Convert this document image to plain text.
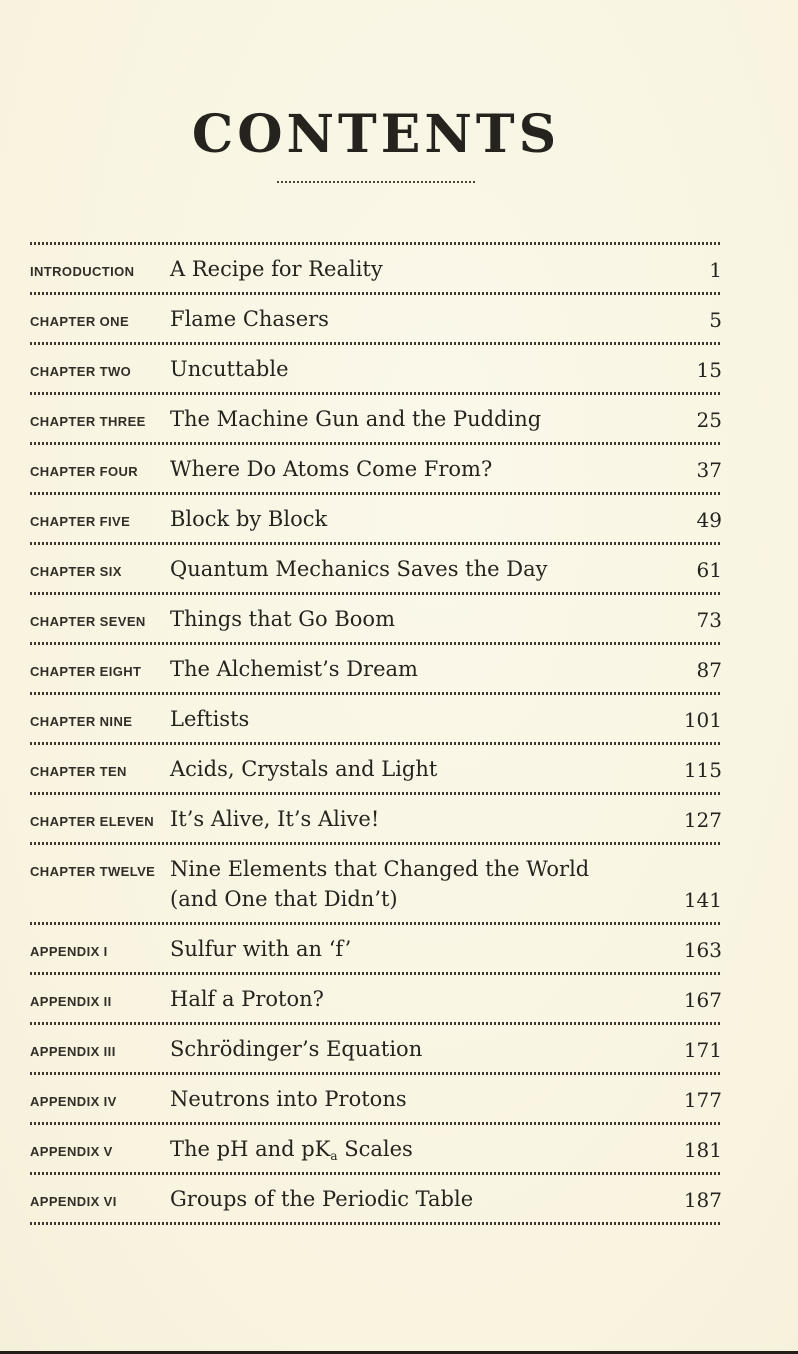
CONTENTS
INTRODUCTION	A Recipe for Reality	1
CHAPTER ONE	Flame Chasers	5
CHAPTER TWO	Uncuttable	15
CHAPTER THREE	The Machine Gun and the Pudding	25
CHAPTER FOUR	Where Do Atoms Come From?	37
CHAPTER FIVE	Block by Block	49
CHAPTER SIX	Quantum Mechanics Saves the Day	61
CHAPTER SEVEN	Things that Go Boom	73
CHAPTER EIGHT	The Alchemist’s Dream	87
CHAPTER NINE	Leftists	101
CHAPTER TEN	Acids, Crystals and Light	115
CHAPTER ELEVEN It’s Alive, It’s Alive!	127
CHAPTER TWELVE Nine Elements that Changed the World
(and One that Didn’t)	141
APPENDIX I	Sulfur with an ‘f’	163
APPENDIX II	Half a Proton?	167
APPENDIX III	Schrödinger’s Equation	171
APPENDIX IV	Neutrons into Protons	177
APPENDIX V	The pH and $pK_a$ Scales	181
APPENDIX VI	Groups of the Periodic Table	187
